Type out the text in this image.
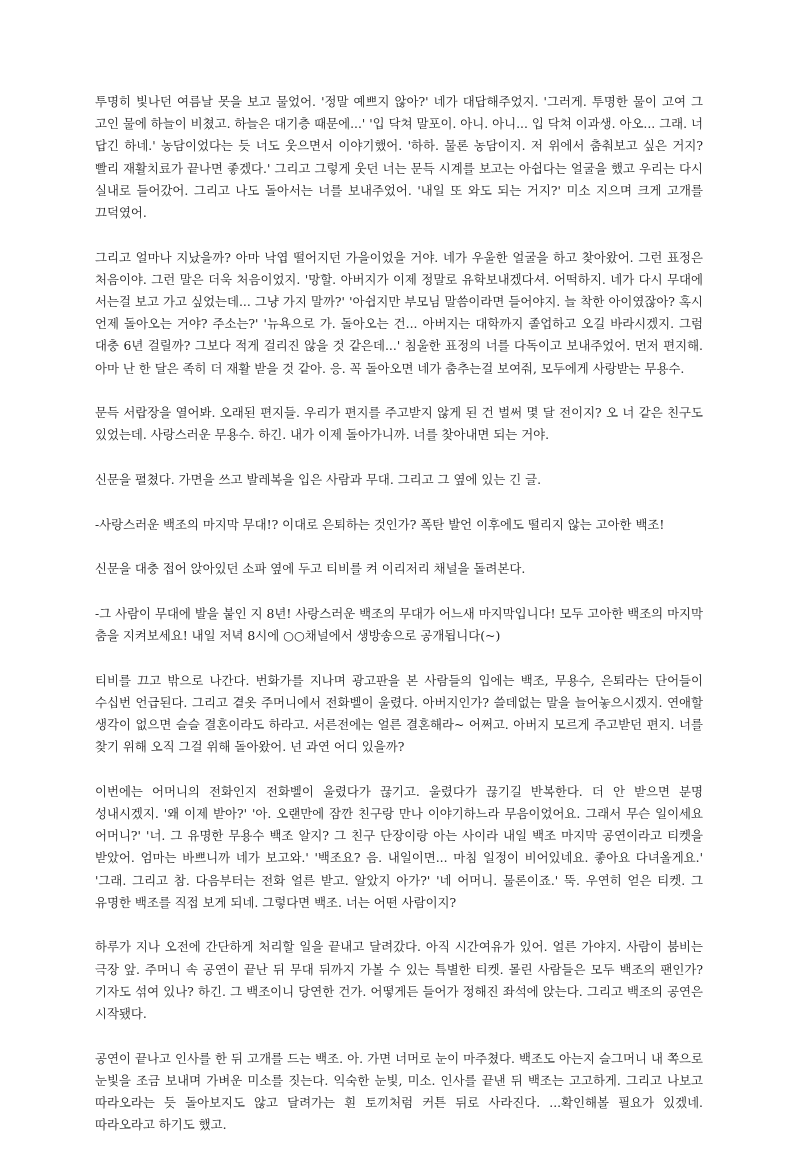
투명히 빛나던 여름날 못을 보고 물었어. '정말 예쁘지 않아?' 네가 대답해주었지. '그러게. 투명한 물이 고여 그 고인 물에 하늘이 비쳤고. 하늘은 대기층 때문에...' '입 닥쳐 말포이. 아니. 아니... 입 닥쳐 이과생. 아오... 그래. 너 답긴 하네.' 농담이었다는 듯 너도 웃으면서 이야기했어. '하하. 물론 농담이지. 저 위에서 춤춰보고 싶은 거지? 빨리 재활치료가 끝나면 좋겠다.' 그리고 그렇게 웃던 너는 문득 시계를 보고는 아쉽다는 얼굴을 했고 우리는 다시 실내로 들어갔어. 그리고 나도 돌아서는 너를 보내주었어. '내일 또 와도 되는 거지?' 미소 지으며 크게 고개를 끄덕였어.

그리고 얼마나 지났을까? 아마 낙엽 떨어지던 가을이었을 거야. 네가 우울한 얼굴을 하고 찾아왔어. 그런 표정은 처음이야. 그런 말은 더욱 처음이었지. '망할. 아버지가 이제 정말로 유학보내겠다셔. 어떡하지. 네가 다시 무대에 서는걸 보고 가고 싶었는데... 그냥 가지 말까?' '아쉽지만 부모님 말씀이라면 들어야지. 늘 착한 아이였잖아? 혹시 언제 돌아오는 거야? 주소는?' '뉴욕으로 가. 돌아오는 건... 아버지는 대학까지 졸업하고 오길 바라시겠지. 그럼 대충 6년 걸릴까? 그보다 적게 걸리진 않을 것 같은데...' 침울한 표정의 너를 다독이고 보내주었어. 먼저 편지해. 아마 난 한 달은 족히 더 재활 받을 것 같아. 응. 꼭 돌아오면 네가 춤추는걸 보여줘, 모두에게 사랑받는 무용수.

문득 서랍장을 열어봐. 오래된 편지들. 우리가 편지를 주고받지 않게 된 건 벌써 몇 달 전이지? 오 너 같은 친구도 있었는데. 사랑스러운 무용수. 하긴. 내가 이제 돌아가니까. 너를 찾아내면 되는 거야.

신문을 펼쳤다. 가면을 쓰고 발레복을 입은 사람과 무대. 그리고 그 옆에 있는 긴 글.

-사랑스러운 백조의 마지막 무대!? 이대로 은퇴하는 것인가? 폭탄 발언 이후에도 떨리지 않는 고아한 백조!

신문을 대충 접어 앉아있던 소파 옆에 두고 티비를 켜 이리저리 채널을 돌려본다.

-그 사람이 무대에 발을 붙인 지 8년! 사랑스러운 백조의 무대가 어느새 마지막입니다! 모두 고아한 백조의 마지막 춤을 지켜보세요! 내일 저녁 8시에 ○○채널에서 생방송으로 공개됩니다(~)

티비를 끄고 밖으로 나간다. 번화가를 지나며 광고판을 본 사람들의 입에는 백조, 무용수, 은퇴라는 단어들이 수십번 언급된다. 그리고 곁옷 주머니에서 전화벨이 울렸다. 아버지인가? 쓸데없는 말을 늘어놓으시겠지. 연애할 생각이 없으면 슬슬 결혼이라도 하라고. 서른전에는 얼른 결혼해라~ 어쩌고. 아버지 모르게 주고받던 편지. 너를 찾기 위해 오직 그걸 위해 돌아왔어. 넌 과연 어디 있을까?

이번에는 어머니의 전화인지 전화벨이 울렸다가 끊기고. 울렸다가 끊기길 반복한다. 더 안 받으면 분명 성내시겠지. '왜 이제 받아?' '아. 오랜만에 잠깐 친구랑 만나 이야기하느라 무음이었어요. 그래서 무슨 일이세요 어머니?' '너. 그 유명한 무용수 백조 알지? 그 친구 단장이랑 아는 사이라 내일 백조 마지막 공연이라고 티켓을 받았어. 엄마는 바쁘니까 네가 보고와.' '백조요? 음. 내일이면... 마침 일정이 비어있네요. 좋아요 다녀올게요.' '그래. 그리고 참. 다음부터는 전화 얼른 받고. 알았지 아가?' '네 어머니. 물론이죠.' 뚝. 우연히 얻은 티켓. 그 유명한 백조를 직접 보게 되네. 그렇다면 백조. 너는 어떤 사람이지?

하루가 지나 오전에 간단하게 처리할 일을 끝내고 달려갔다. 아직 시간여유가 있어. 얼른 가야지. 사람이 붐비는 극장 앞. 주머니 속 공연이 끝난 뒤 무대 뒤까지 가볼 수 있는 특별한 티켓. 몰린 사람들은 모두 백조의 팬인가? 기자도 섞여 있나? 하긴. 그 백조이니 당연한 건가. 어떻게든 들어가 정해진 좌석에 앉는다. 그리고 백조의 공연은 시작됐다.

공연이 끝나고 인사를 한 뒤 고개를 드는 백조. 아. 가면 너머로 눈이 마주쳤다. 백조도 아는지 슬그머니 내 쪽으로 눈빛을 조금 보내며 가벼운 미소를 짓는다. 익숙한 눈빛, 미소. 인사를 끝낸 뒤 백조는 고고하게. 그리고 나보고 따라오라는 듯 돌아보지도 않고 달려가는 흰 토끼처럼 커튼 뒤로 사라진다. ...확인해볼 필요가 있겠네. 따라오라고 하기도 했고.
